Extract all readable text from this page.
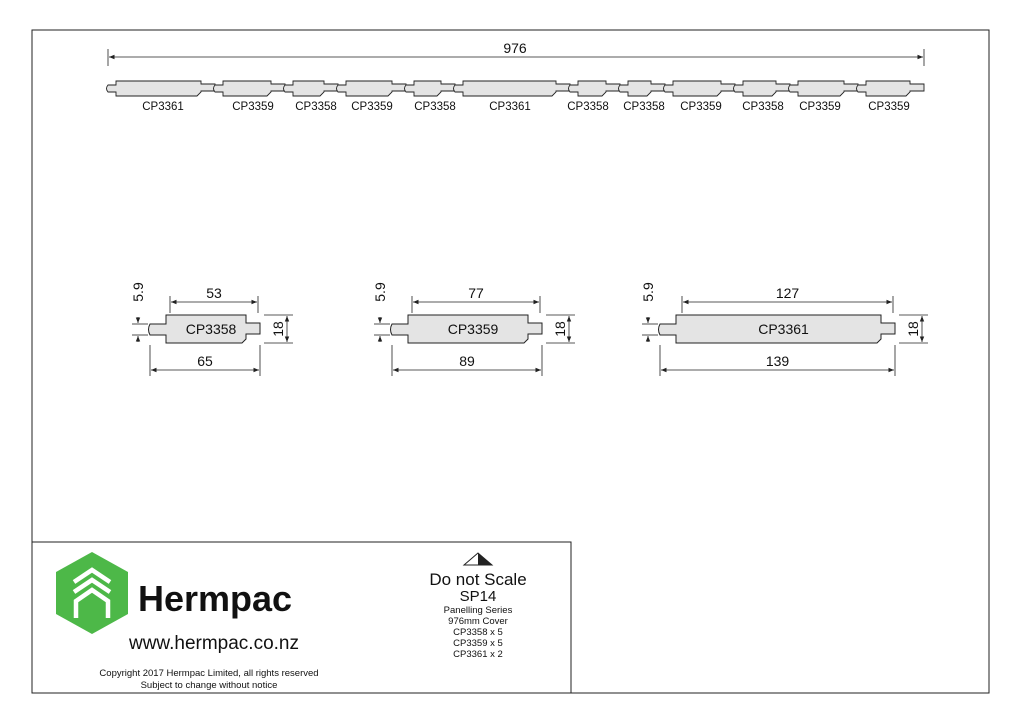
976
CP3361	CP3359 CP3358 CP3359 CP3358	CP3361	CP3358 CP3358 CP3359 CP3358 CP3359 CP3359
CP3358
53
65
18
5.9
CP3359
77
89
18
5.9
CP3361
127
139
18
5.9
Hermpac
www.hermpac.co.nz
Copyright 2017 Hermpac Limited, all rights reserved
Subject to change without notice
Do not Scale
SP14
Panelling Series
976mm Cover
CP3358 x 5
CP3359 x 5
CP3361 x 2
